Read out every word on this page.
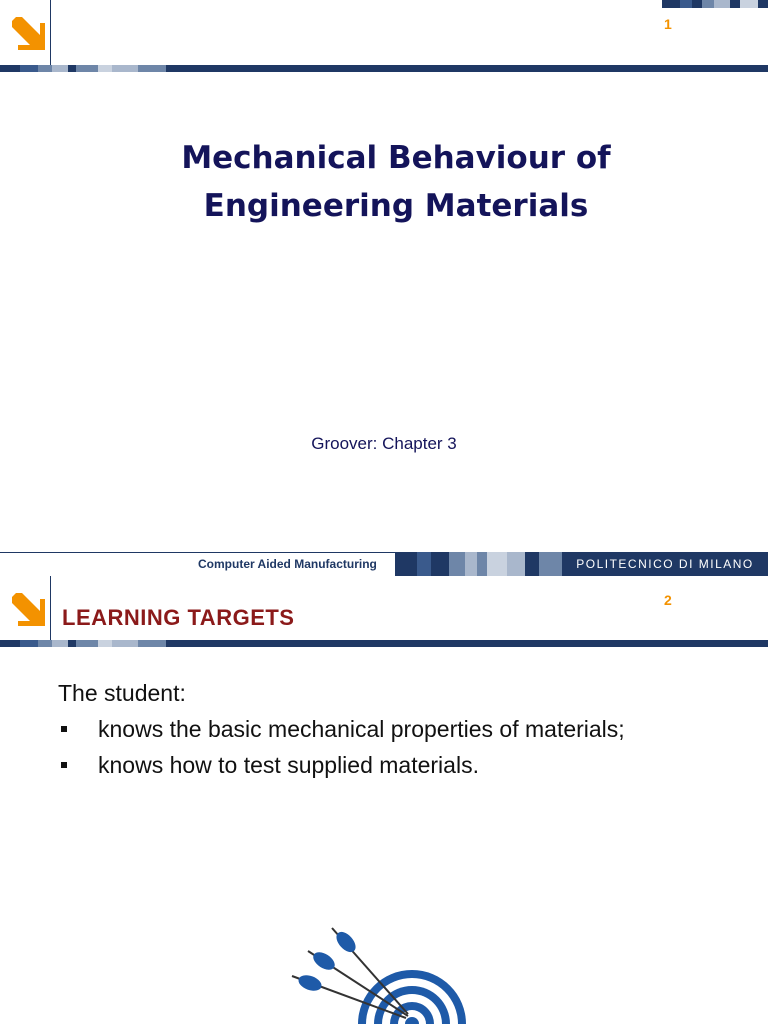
1
Mechanical Behaviour of
Engineering Materials
Groover: Chapter 3
Computer Aided Manufacturing	POLITECNICO DI MILANO
2
LEARNING TARGETS
The student:
knows the basic mechanical properties of materials;
knows how to test supplied materials.
